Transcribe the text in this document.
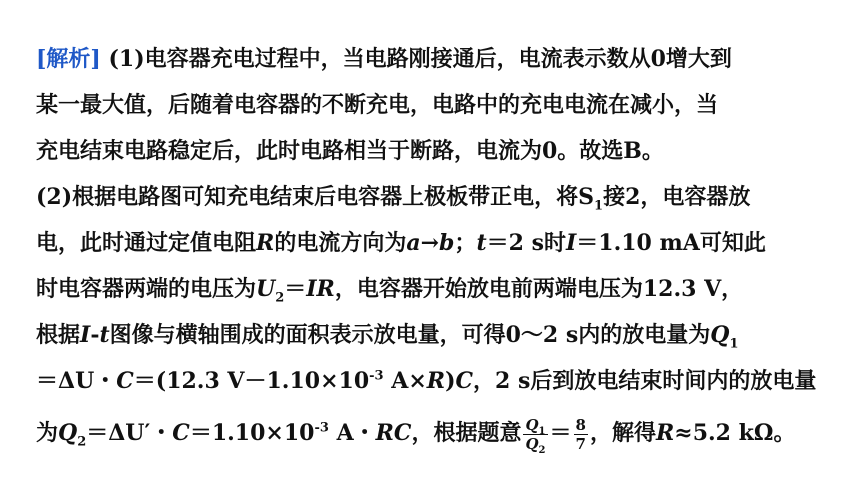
[解析] (1)电容器充电过程中，当电路刚接通后，电流表示数从0增大到
某一最大值，后随着电容器的不断充电，电路中的充电电流在减小，当
充电结束电路稳定后，此时电路相当于断路，电流为0。故选B。
(2)根据电路图可知充电结束后电容器上极板带正电，将$S_1$接2，电容器放
电，此时通过定值电阻R的电流方向为a→b；t＝2 s时I＝1.10 mA可知此
时电容器两端的电压为$U_2=IR$，电容器开始放电前两端电压为12.3 V，
根据I-t图像与横轴围成的面积表示放电量，可得0～2 s内的放电量为$Q_1$
＝ΔU・C＝(12.3 $V-1.10\times 10^{-3}$ A×R)C，2 s后到放电结束时间内的放电量
为$Q_2=\Delta U'$・$C=1.10\times 10^{-3}$ A・RC，根据题意 $\frac{Q_1}{Q_2} = \frac{8}{7}$ ，解得R≈5.2 kΩ。
